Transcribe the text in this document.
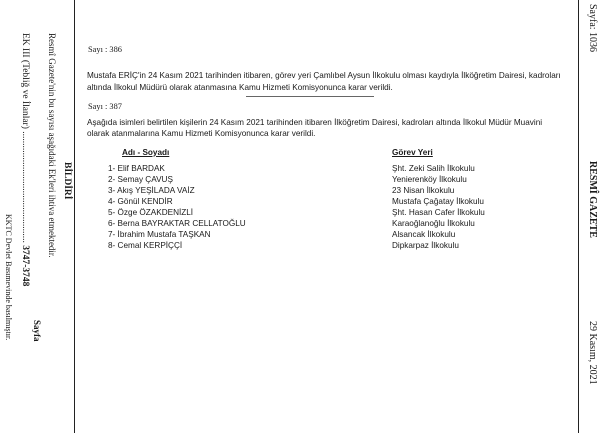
EK III (Tebliğ ve İlanlar) ............................................... 3747-3748
Sayfa
Resmî Gazete'nin bu sayısı aşağıdaki Ek'leri ihtiva etmektedir. BİLDİRİ
KKTC Devlet Basımevinde basılmıştır.
Sayfa: 1036
RESMÎ GAZETE
29 Kasım, 2021
Sayı : 386
Mustafa ERİÇ'in 24 Kasım 2021 tarihinden itibaren, görev yeri Çamlıbel Aysun İlkokulu olması kaydıyla İlköğretim Dairesi, kadroları
altında İlkokul Müdürü olarak atanmasına Kamu Hizmeti Komisyonunca karar verildi.
Sayı : 387
Aşağıda isimleri belirtilen kişilerin 24 Kasım 2021 tarihinden itibaren İlköğretim Dairesi, kadroları altında İlkokul Müdür Muavini
olarak atanmalarına Kamu Hizmeti Komisyonunca karar verildi.
Adı - Soyadı	Görev Yeri
1- Elif BARDAK	Şht. Zeki Salih İlkokulu
2- Semay ÇAVUŞ	Yenierenköy İlkokulu
3- Akış YEŞİLADA VAİZ	23 Nisan İlkokulu
4- Gönül KENDİR	Mustafa Çağatay İlkokulu
5- Özge ÖZAKDENİZLİ	Şht. Hasan Cafer İlkokulu
6- Berna BAYRAKTAR CELLATOĞLU	Karaoğlanoğlu İlkokulu
7- İbrahim Mustafa TAŞKAN	Alsancak İlkokulu
8- Cemal KERPİÇÇİ	Dipkarpaz İlkokulu
